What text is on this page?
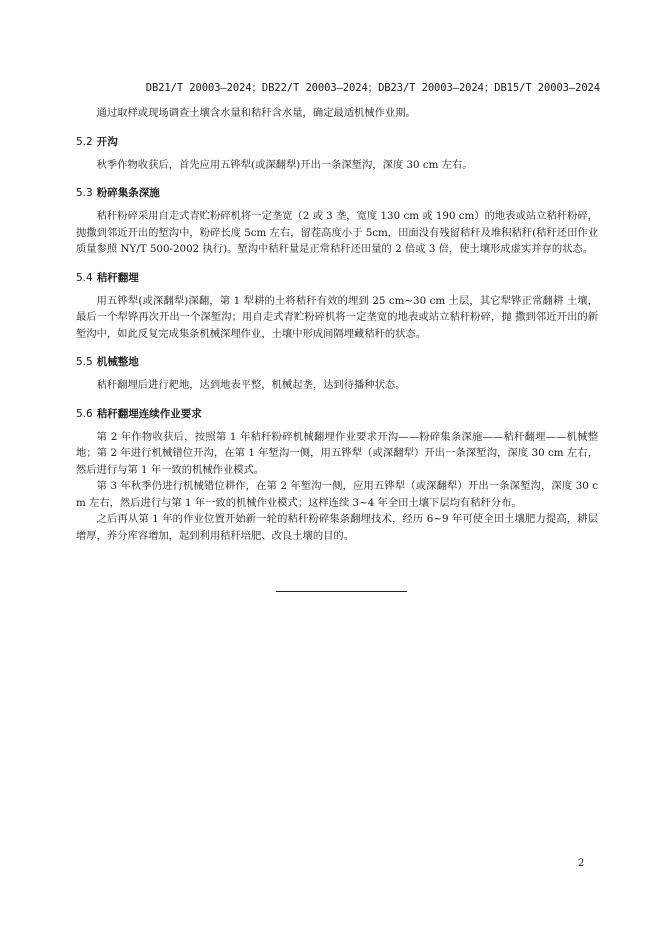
DB21/T 20003—2024；DB22/T 20003—2024；DB23/T 20003—2024；DB15/T 20003—2024

通过取样或现场调查土壤含水量和秸秆含水量，确定最适机械作业期。

5.2 开沟

秋季作物收获后，首先应用五铧犁(或深翻犁)开出一条深堑沟，深度 30 cm 左右。

5.3 粉碎集条深施

秸秆粉碎采用自走式青贮粉碎机将一定垄宽（2 或 3 垄，宽度 130 cm 或 190 cm）的地表或站立秸秆粉碎，抛撒到邻近开出的堑沟中，粉碎长度 5cm 左右，留茬高度小于 5cm，田面没有残留秸秆及堆积秸秆(秸秆还田作业质量参照 NY/T 500-2002 执行)。堑沟中秸秆量是正常秸秆还田量的 2 倍或 3 倍，使土壤形成虚实并存的状态。

5.4 秸秆翻埋

用五铧犁(或深翻犁)深翻，第 1 犁耕的土将秸秆有效的埋到 25 cm~30 cm 土层，其它犁铧正常翻耕 土壤，最后一个犁铧再次开出一个深堑沟；用自走式青贮粉碎机将一定垄宽的地表或站立秸秆粉碎，抛 撒到邻近开出的新堑沟中，如此反复完成集条机械深埋作业，土壤中形成间隔埋藏秸秆的状态。

5.5 机械整地

秸秆翻埋后进行耙地，达到地表平整，机械起垄，达到待播种状态。

5.6 秸秆翻埋连续作业要求

第 2 年作物收获后，按照第 1 年秸秆粉碎机械翻埋作业要求开沟——粉碎集条深施——秸秆翻埋——机械整地；第 2 年进行机械错位开沟，在第 1 年堑沟一侧，用五铧犁（或深翻犁）开出一条深堑沟，深度 30 cm 左右，然后进行与第 1 年一致的机械作业模式。

第 3 年秋季仍进行机械错位耕作，在第 2 年堑沟一侧，应用五铧犁（或深翻犁）开出一条深堑沟，深度 30 cm 左右，然后进行与第 1 年一致的机械作业模式；这样连续 3~4 年全田土壤下层均有秸秆分布。

之后再从第 1 年的作业位置开始新一轮的秸秆粉碎集条翻埋技术，经历 6~9 年可使全田土壤肥力提高，耕层增厚，养分库容增加，起到利用秸秆培肥、改良土壤的目的。

2
